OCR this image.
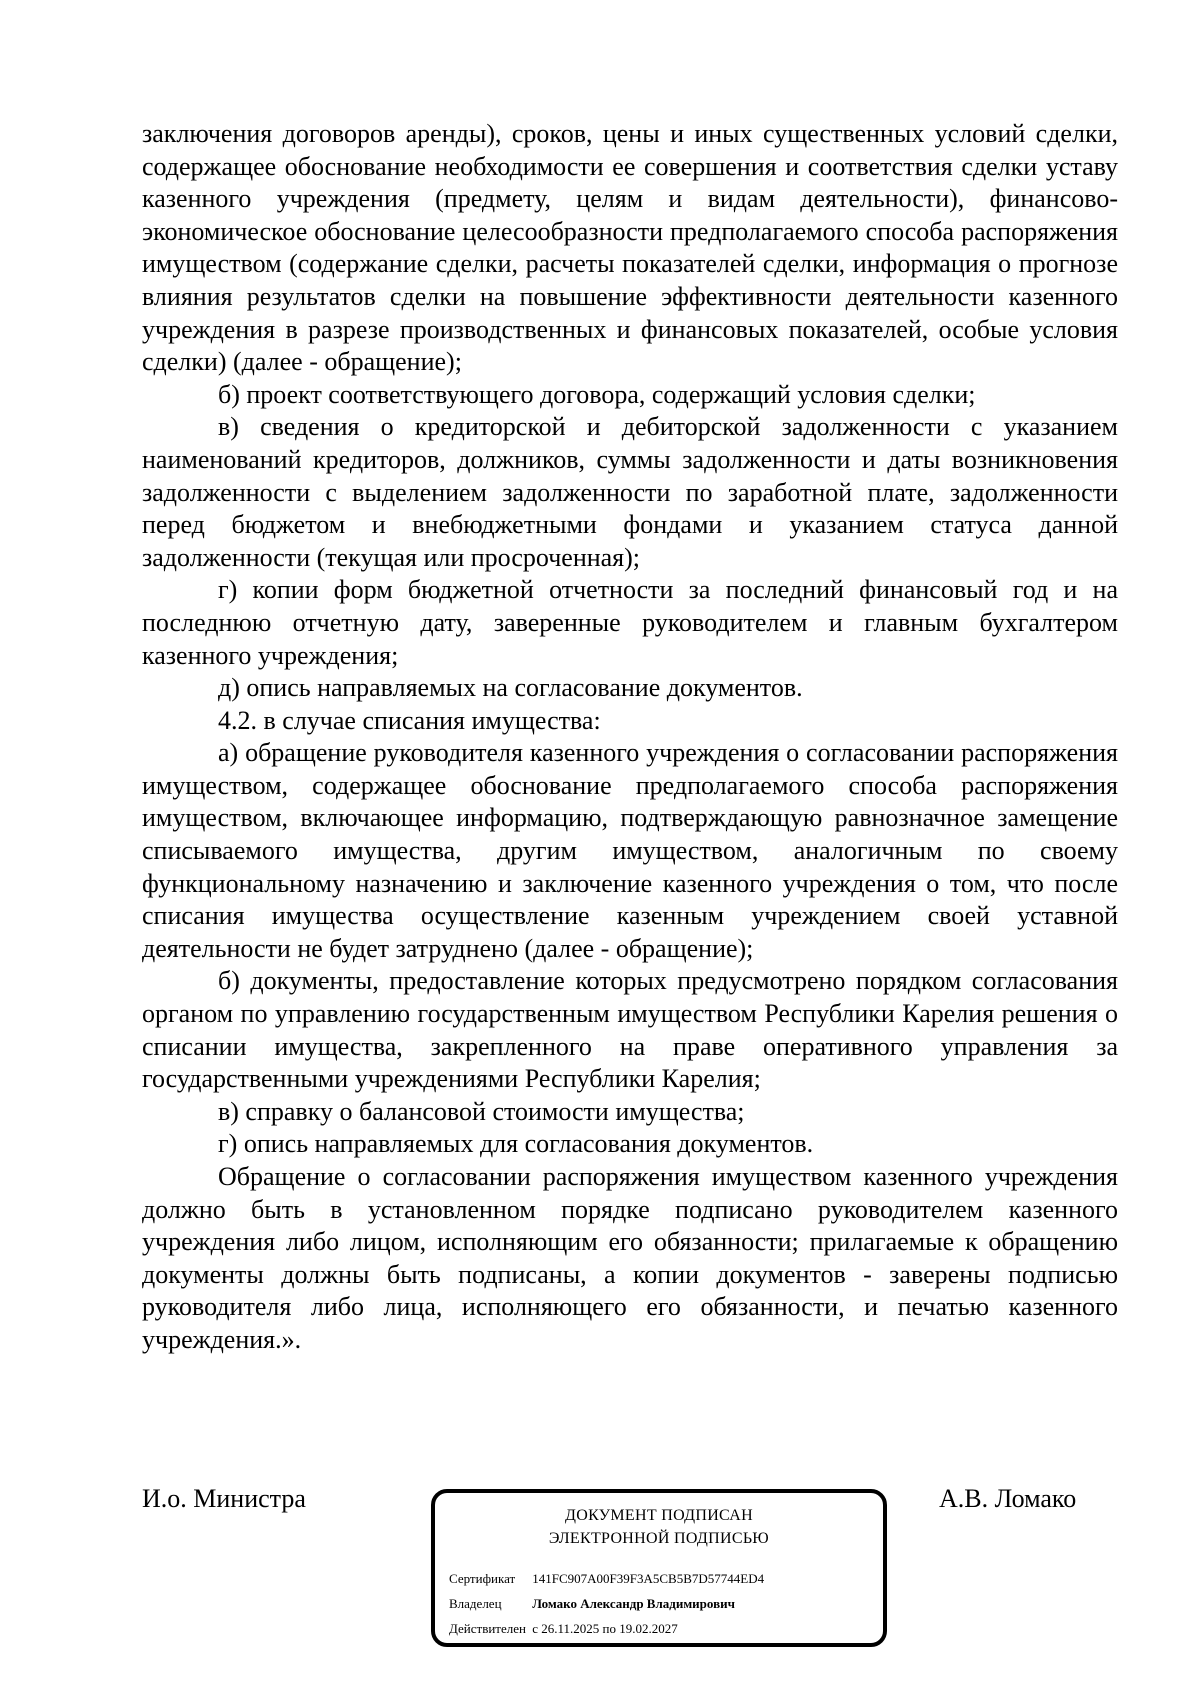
заключения договоров аренды), сроков, цены и иных существенных условий сделки, содержащее обоснование необходимости ее совершения и соответствия сделки уставу казенного учреждения (предмету, целям и видам деятельности), финансово-экономическое обоснование целесообразности предполагаемого способа распоряжения имуществом (содержание сделки, расчеты показателей сделки, информация о прогнозе влияния результатов сделки на повышение эффективности деятельности казенного учреждения в разрезе производственных и финансовых показателей, особые условия сделки) (далее - обращение);

б) проект соответствующего договора, содержащий условия сделки;

в) сведения о кредиторской и дебиторской задолженности с указанием наименований кредиторов, должников, суммы задолженности и даты возникновения задолженности с выделением задолженности по заработной плате, задолженности перед бюджетом и внебюджетными фондами и указанием статуса данной задолженности (текущая или просроченная);

г) копии форм бюджетной отчетности за последний финансовый год и на последнюю отчетную дату, заверенные руководителем и главным бухгалтером казенного учреждения;

д) опись направляемых на согласование документов.

4.2. в случае списания имущества:

а) обращение руководителя казенного учреждения о согласовании распоряжения имуществом, содержащее обоснование предполагаемого способа распоряжения имуществом, включающее информацию, подтверждающую равнозначное замещение списываемого имущества, другим имуществом, аналогичным по своему функциональному назначению и заключение казенного учреждения о том, что после списания имущества осуществление казенным учреждением своей уставной деятельности не будет затруднено (далее - обращение);

б) документы, предоставление которых предусмотрено порядком согласования органом по управлению государственным имуществом Республики Карелия решения о списании имущества, закрепленного на праве оперативного управления за государственными учреждениями Республики Карелия;

в) справку о балансовой стоимости имущества;

г) опись направляемых для согласования документов.

Обращение о согласовании распоряжения имуществом казенного учреждения должно быть в установленном порядке подписано руководителем казенного учреждения либо лицом, исполняющим его обязанности; прилагаемые к обращению документы должны быть подписаны, а копии документов - заверены подписью руководителя либо лица, исполняющего его обязанности, и печатью казенного учреждения.».

И.о. Министра	А.В. Ломако
ДОКУМЕНТ ПОДПИСАН
ЭЛЕКТРОННОЙ ПОДПИСЬЮ
Сертификат 141FC907A00F39F3A5CB5B7D57744ED4
Владелец Ломако Александр Владимирович
Действителен с 26.11.2025 по 19.02.2027
